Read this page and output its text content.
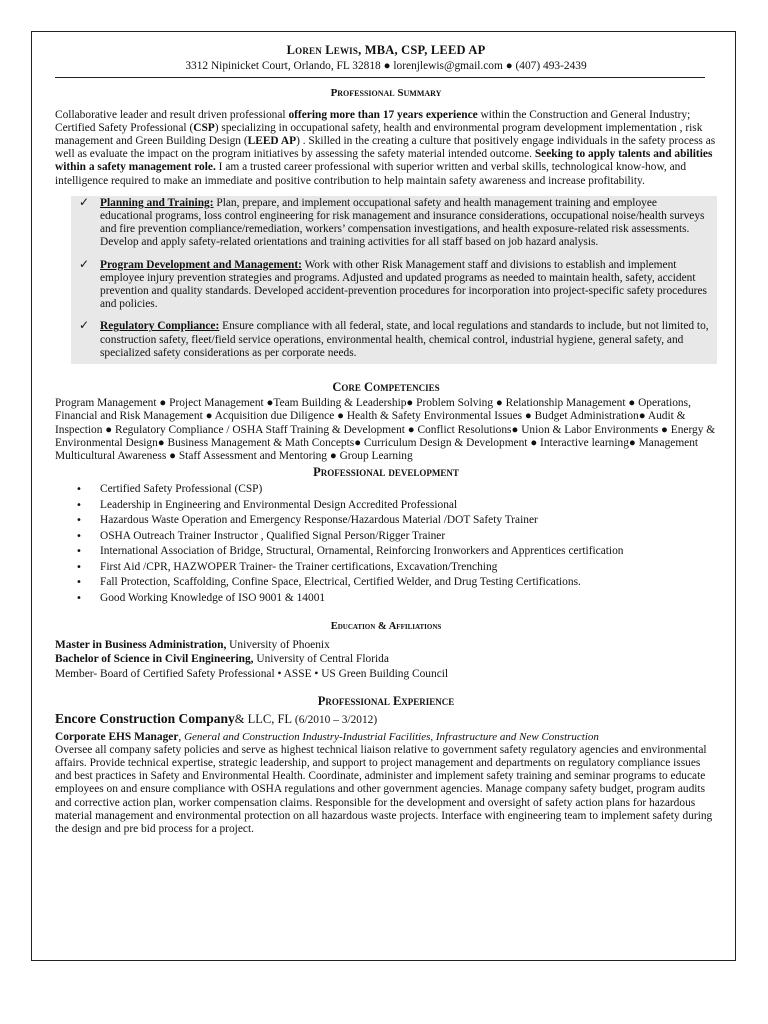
Loren Lewis, MBA, CSP, LEED AP
3312 Nipinicket Court, Orlando, FL 32818 ● lorenjlewis@gmail.com ● (407) 493-2439
Professional Summary
Collaborative leader and result driven professional offering more than 17 years experience within the Construction and General Industry; Certified Safety Professional (CSP) specializing in occupational safety, health and environmental program development implementation , risk management and Green Building Design (LEED AP) . Skilled in the creating a culture that positively engage individuals in the safety process as well as evaluate the impact on the program initiatives by assessing the safety material intended outcome. Seeking to apply talents and abilities within a safety management role. I am a trusted career professional with superior written and verbal skills, technological know-how, and intelligence required to make an immediate and positive contribution to help maintain safety awareness and increase profitability.
✓ Planning and Training: Plan, prepare, and implement occupational safety and health management training and employee educational programs, loss control engineering for risk management and insurance considerations, occupational noise/health surveys and fire prevention compliance/remediation, workers’ compensation investigations, and health exposure-related risk assessments. Develop and apply safety-related orientations and training activities for all staff based on job hazard analysis.
✓ Program Development and Management: Work with other Risk Management staff and divisions to establish and implement employee injury prevention strategies and programs. Adjusted and updated programs as needed to maintain health, safety, accident prevention and quality standards. Developed accident-prevention procedures for incorporation into project-specific safety procedures and policies.
✓ Regulatory Compliance: Ensure compliance with all federal, state, and local regulations and standards to include, but not limited to, construction safety, fleet/field service operations, environmental health, chemical control, industrial hygiene, general safety, and specialized safety considerations as per corporate needs.
Core Competencies
Program Management ● Project Management ●Team Building & Leadership● Problem Solving ● Relationship Management ● Operations, Financial and Risk Management ● Acquisition due Diligence ● Health & Safety Environmental Issues ● Budget Administration● Audit & Inspection ● Regulatory Compliance / OSHA Staff Training & Development ● Conflict Resolutions● Union & Labor Environments ● Energy & Environmental Design● Business Management & Math Concepts● Curriculum Design & Development ● Interactive learning● Management Multicultural Awareness ● Staff Assessment and Mentoring ● Group Learning
Professional development
• Certified Safety Professional (CSP)
• Leadership in Engineering and Environmental Design Accredited Professional
• Hazardous Waste Operation and Emergency Response/Hazardous Material /DOT Safety Trainer
• OSHA Outreach Trainer Instructor , Qualified Signal Person/Rigger Trainer
• International Association of Bridge, Structural, Ornamental, Reinforcing Ironworkers and Apprentices certification
• First Aid /CPR, HAZWOPER Trainer- the Trainer certifications, Excavation/Trenching
• Fall Protection, Scaffolding, Confine Space, Electrical, Certified Welder, and Drug Testing Certifications.
• Good Working Knowledge of ISO 9001 & 14001
Education & Affiliations
Master in Business Administration, University of Phoenix
Bachelor of Science in Civil Engineering, University of Central Florida
Member- Board of Certified Safety Professional • ASSE • US Green Building Council
Professional Experience
Encore Construction Company& LLC, FL (6/2010 – 3/2012)
Corporate EHS Manager, General and Construction Industry-Industrial Facilities, Infrastructure and New Construction
Oversee all company safety policies and serve as highest technical liaison relative to government safety regulatory agencies and environmental affairs. Provide technical expertise, strategic leadership, and support to project management and departments on regulatory compliance issues and best practices in Safety and Environmental Health. Coordinate, administer and implement safety training and seminar programs to educate employees on and ensure compliance with OSHA regulations and other government agencies. Manage company safety budget, program audits and corrective action plan, worker compensation claims. Responsible for the development and oversight of safety action plans for hazardous material management and environmental protection on all hazardous waste projects. Interface with engineering team to implement safety during the design and pre bid process for a project.
